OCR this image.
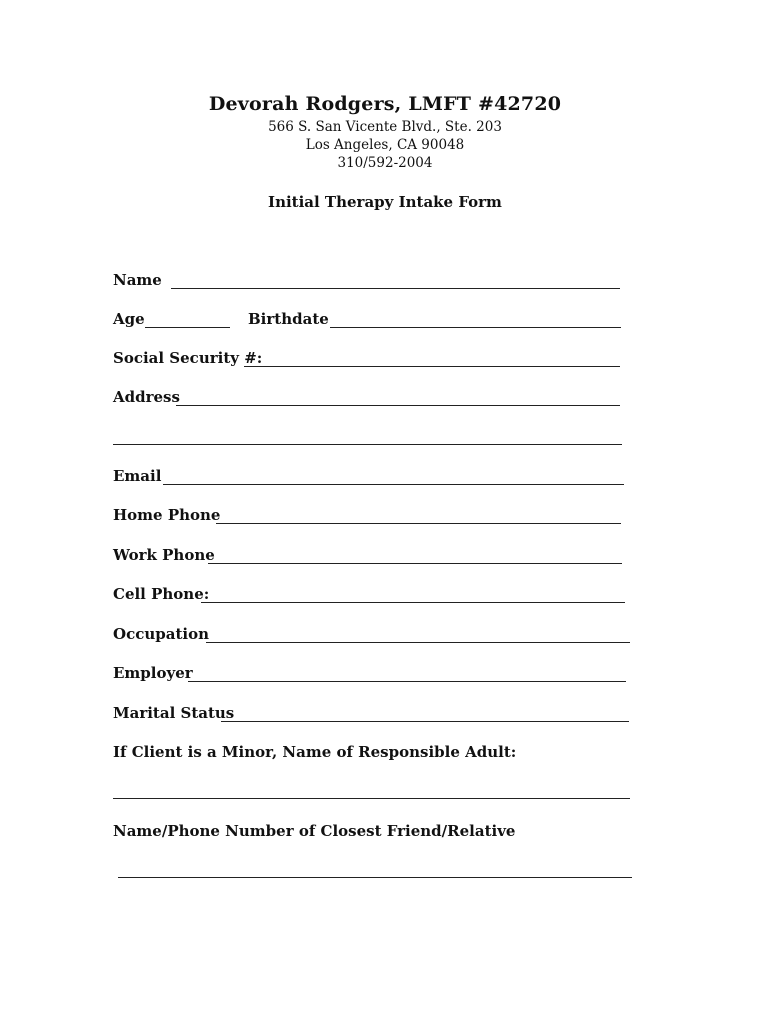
Devorah Rodgers, LMFT #42720
566 S. San Vicente Blvd., Ste. 203
Los Angeles, CA 90048
310/592-2004
Initial Therapy Intake Form
Name
Age	Birthdate
Social Security #:
Address
Email
Home Phone
Work Phone
Cell Phone:
Occupation
Employer
Marital Status
If Client is a Minor, Name of Responsible Adult:
Name/Phone Number of Closest Friend/Relative
